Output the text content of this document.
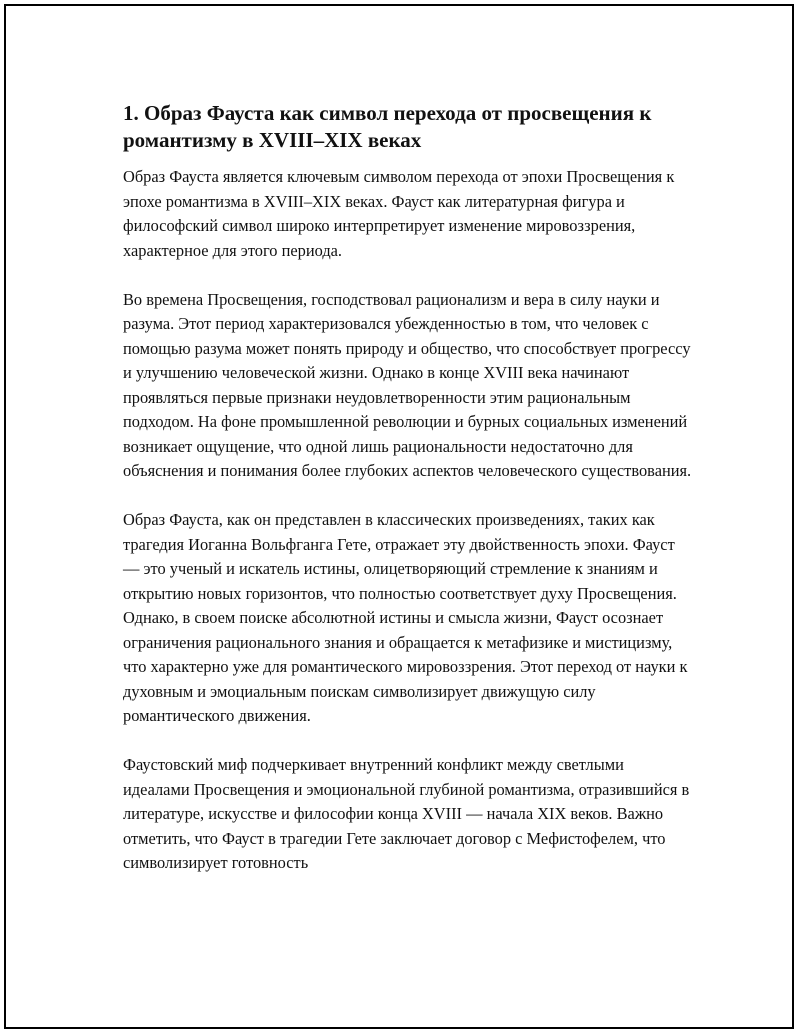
1. Образ Фауста как символ перехода от просвещения к романтизму в XVIII–XIX веках

Образ Фауста является ключевым символом перехода от эпохи Просвещения к эпохе романтизма в XVIII–XIX веках. Фауст как литературная фигура и философский символ широко интерпретирует изменение мировоззрения, характерное для этого периода.

Во времена Просвещения, господствовал рационализм и вера в силу науки и разума. Этот период характеризовался убежденностью в том, что человек с помощью разума может понять природу и общество, что способствует прогрессу и улучшению человеческой жизни. Однако в конце XVIII века начинают проявляться первые признаки неудовлетворенности этим рациональным подходом. На фоне промышленной революции и бурных социальных изменений возникает ощущение, что одной лишь рациональности недостаточно для объяснения и понимания более глубоких аспектов человеческого существования.

Образ Фауста, как он представлен в классических произведениях, таких как трагедия Иоганна Вольфганга Гете, отражает эту двойственность эпохи. Фауст — это ученый и искатель истины, олицетворяющий стремление к знаниям и открытию новых горизонтов, что полностью соответствует духу Просвещения. Однако, в своем поиске абсолютной истины и смысла жизни, Фауст осознает ограничения рационального знания и обращается к метафизике и мистицизму, что характерно уже для романтического мировоззрения. Этот переход от науки к духовным и эмоциальным поискам символизирует движущую силу романтического движения.

Фаустовский миф подчеркивает внутренний конфликт между светлыми идеалами Просвещения и эмоциональной глубиной романтизма, отразившийся в литературе, искусстве и философии конца XVIII — начала XIX веков. Важно отметить, что Фауст в трагедии Гете заключает договор с Мефистофелем, что символизирует готовность
